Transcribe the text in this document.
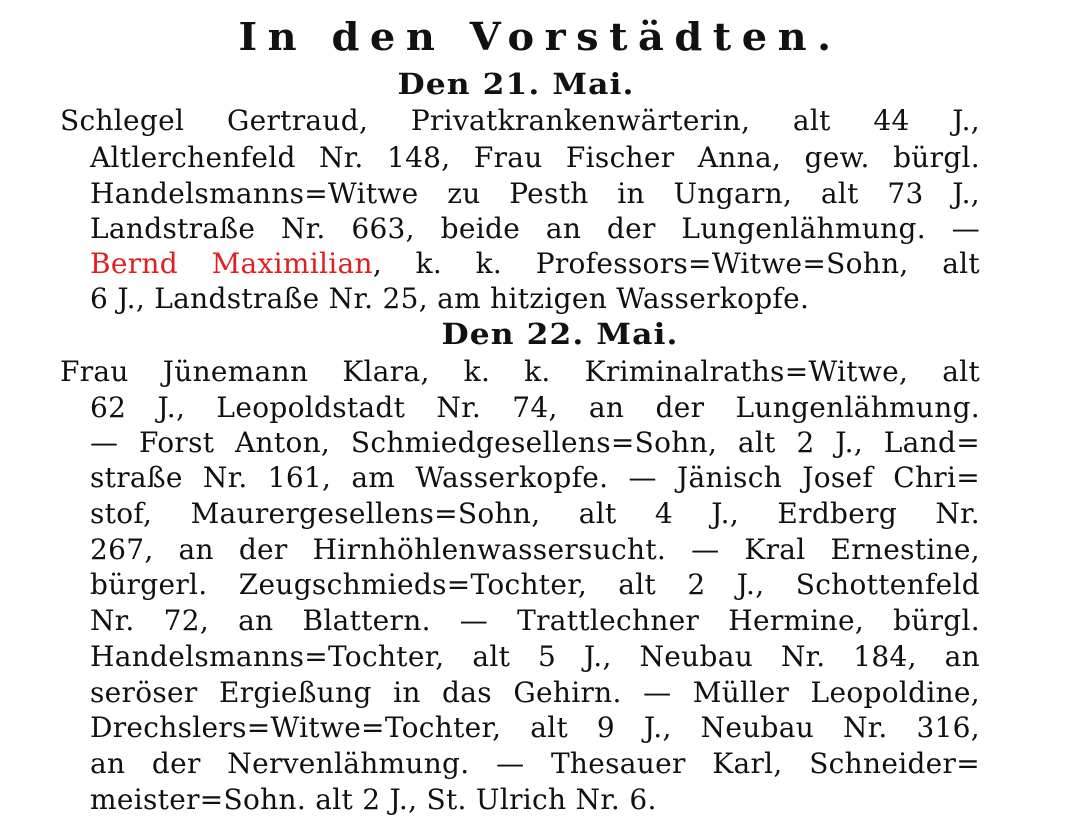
In den Vorstädten.
Den 21. Mai.
Schlegel Gertraud, Privatkrankenwärterin, alt 44 J.,
Altlerchenfeld Nr. 148, Frau Fischer Anna, gew. bürgl.
Handelsmanns=Witwe zu Pesth in Ungarn, alt 73 J.,
Landstraße Nr. 663, beide an der Lungenlähmung. —
Bernd Maximilian, k. k. Professors=Witwe=Sohn, alt
6 J., Landstraße Nr. 25, am hitzigen Wasserkopfe.
Den 22. Mai.
Frau Jünemann Klara, k. k. Kriminalraths=Witwe, alt
62 J., Leopoldstadt Nr. 74, an der Lungenlähmung.
— Forst Anton, Schmiedgesellens=Sohn, alt 2 J., Land=
straße Nr. 161, am Wasserkopfe. — Jänisch Josef Chri=
stof, Maurergesellens=Sohn, alt 4 J., Erdberg Nr.
267, an der Hirnhöhlenwassersucht. — Kral Ernestine,
bürgerl. Zeugschmieds=Tochter, alt 2 J., Schottenfeld
Nr. 72, an Blattern. — Trattlechner Hermine, bürgl.
Handelsmanns=Tochter, alt 5 J., Neubau Nr. 184, an
seröser Ergießung in das Gehirn. — Müller Leopoldine,
Drechslers=Witwe=Tochter, alt 9 J., Neubau Nr. 316,
an der Nervenlähmung. — Thesauer Karl, Schneider=
meister=Sohn. alt 2 J., St. Ulrich Nr. 6.
